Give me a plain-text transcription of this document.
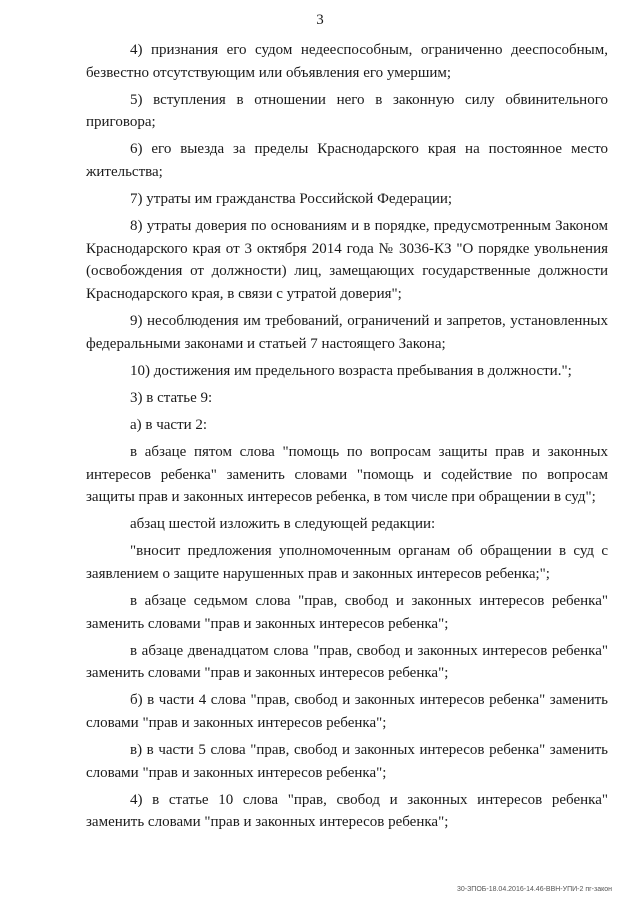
3

4) признания его судом недееспособным, ограниченно дееспособным, безвестно отсутствующим или объявления его умершим;

5) вступления в отношении него в законную силу обвинительного приговора;

6) его выезда за пределы Краснодарского края на постоянное место жительства;

7) утраты им гражданства Российской Федерации;

8) утраты доверия по основаниям и в порядке, предусмотренным Законом Краснодарского края от 3 октября 2014 года № 3036-КЗ "О порядке увольнения (освобождения от должности) лиц, замещающих государственные должности Краснодарского края, в связи с утратой доверия";

9) несоблюдения им требований, ограничений и запретов, установленных федеральными законами и статьей 7 настоящего Закона;

10) достижения им предельного возраста пребывания в должности.";

3) в статье 9:

а) в части 2:

в абзаце пятом слова "помощь по вопросам защиты прав и законных интересов ребенка" заменить словами "помощь и содействие по вопросам защиты прав и законных интересов ребенка, в том числе при обращении в суд";

абзац шестой изложить в следующей редакции:

"вносит предложения уполномоченным органам об обращении в суд с заявлением о защите нарушенных прав и законных интересов ребенка;";

в абзаце седьмом слова "прав, свобод и законных интересов ребенка" заменить словами "прав и законных интересов ребенка";

в абзаце двенадцатом слова "прав, свобод и законных интересов ребенка" заменить словами "прав и законных интересов ребенка";

б) в части 4 слова "прав, свобод и законных интересов ребенка" заменить словами "прав и законных интересов ребенка";

в) в части 5 слова "прав, свобод и законных интересов ребенка" заменить словами "прав и законных интересов ребенка";

4) в статье 10 слова "прав, свобод и законных интересов ребенка" заменить словами "прав и законных интересов ребенка";

30-ЗПОБ-18.04.2016-14.46-ВВН-УПИ-2 пг-закон
